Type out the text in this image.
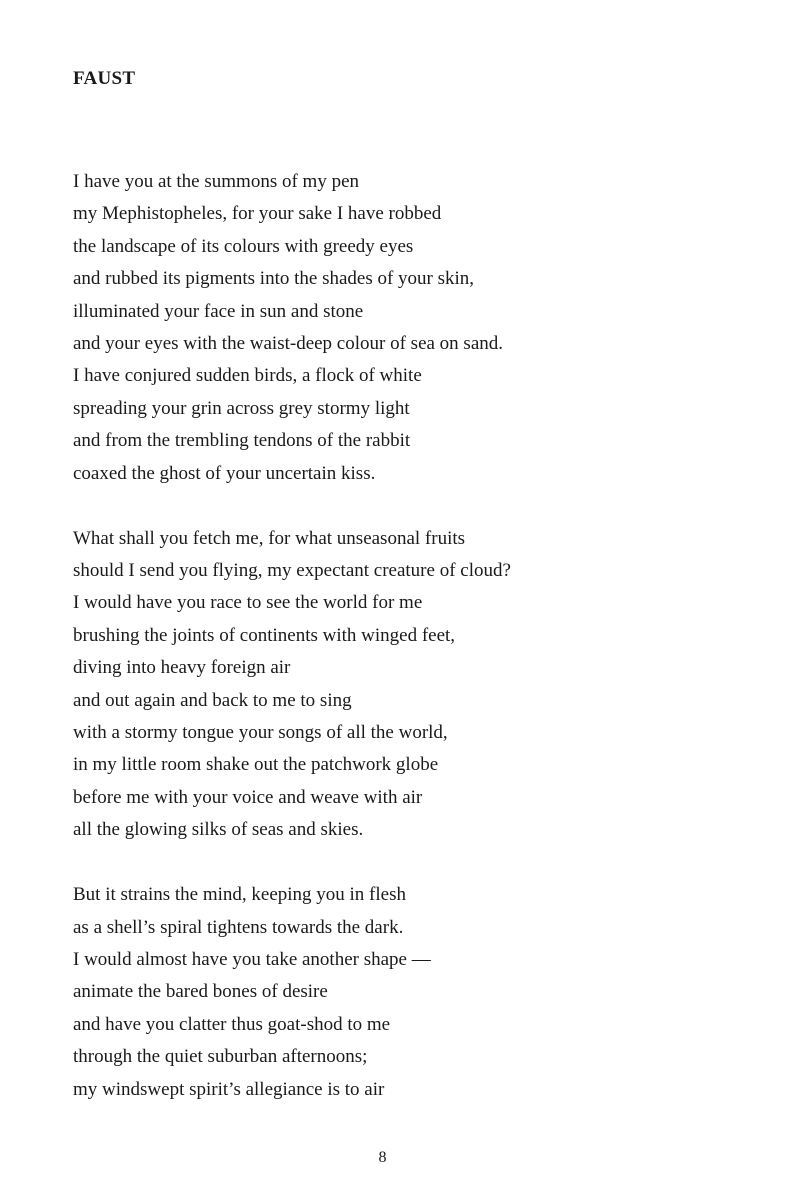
FAUST
I have you at the summons of my pen
my Mephistopheles, for your sake I have robbed
the landscape of its colours with greedy eyes
and rubbed its pigments into the shades of your skin,
illuminated your face in sun and stone
and your eyes with the waist-deep colour of sea on sand.
I have conjured sudden birds, a flock of white
spreading your grin across grey stormy light
and from the trembling tendons of the rabbit
coaxed the ghost of your uncertain kiss.
What shall you fetch me, for what unseasonal fruits
should I send you flying, my expectant creature of cloud?
I would have you race to see the world for me
brushing the joints of continents with winged feet,
diving into heavy foreign air
and out again and back to me to sing
with a stormy tongue your songs of all the world,
in my little room shake out the patchwork globe
before me with your voice and weave with air
all the glowing silks of seas and skies.
But it strains the mind, keeping you in flesh
as a shell’s spiral tightens towards the dark.
I would almost have you take another shape —
animate the bared bones of desire
and have you clatter thus goat-shod to me
through the quiet suburban afternoons;
my windswept spirit’s allegiance is to air
8
